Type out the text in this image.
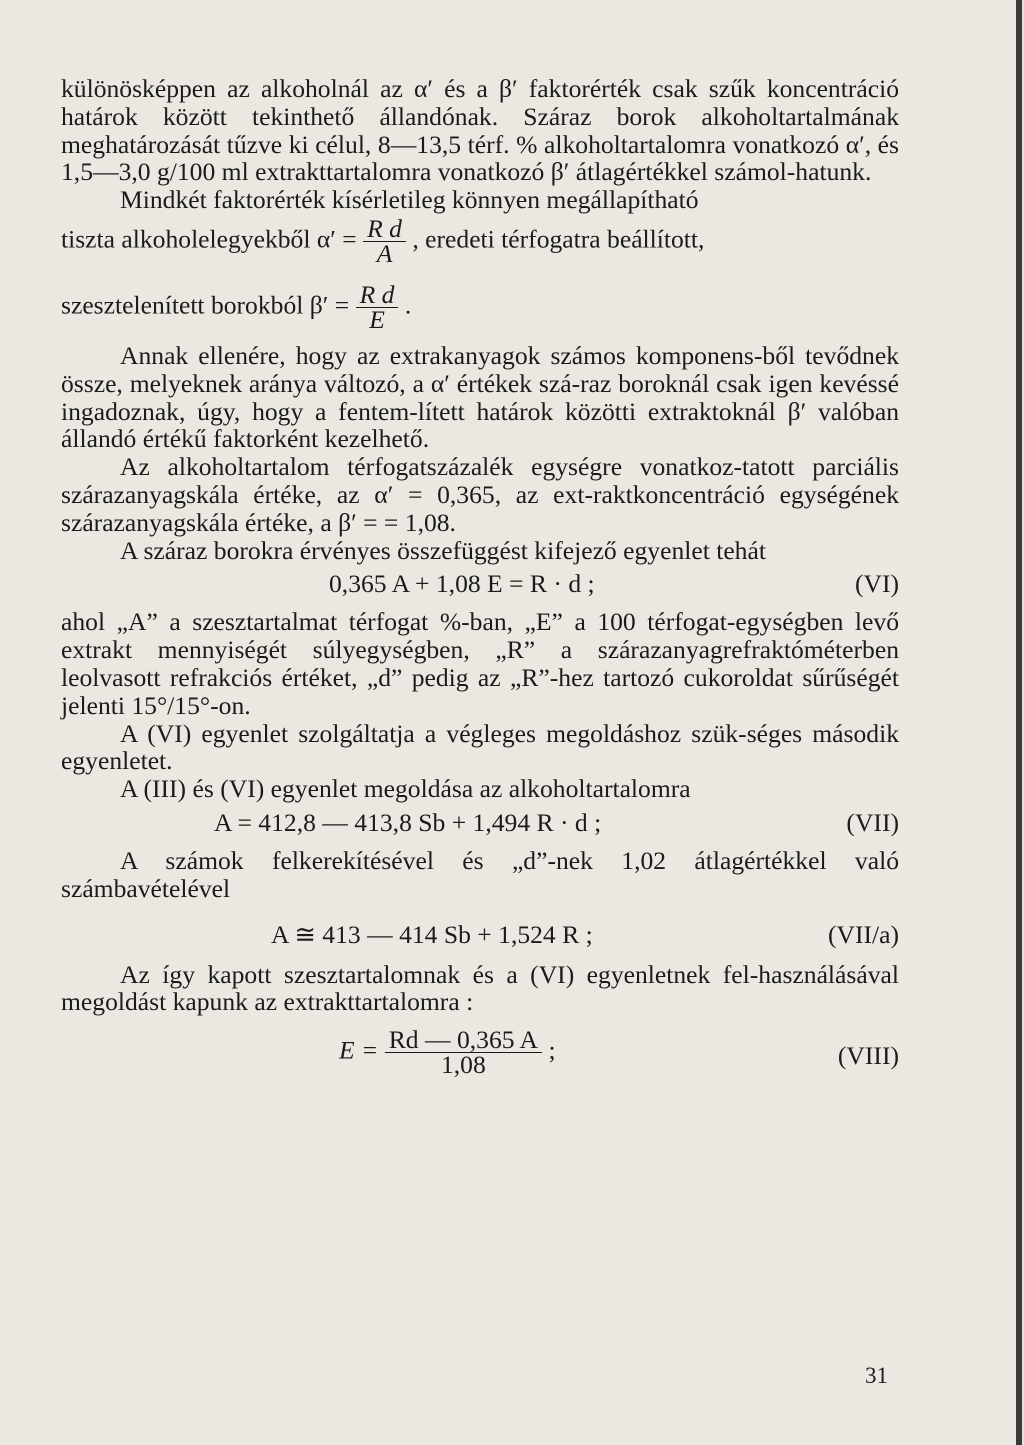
különösképpen az alkoholnál az α′ és a β′ faktorérték csak szűk koncentráció határok között tekinthető állandónak. Száraz borok alkoholtartalmának meghatározását tűzve ki célul, 8—13,5 térf. % alkoholtartalomra vonatkozó α′, és 1,5—3,0 g/100 ml extrakttartalomra vonatkozó β′ átlagértékkel számol-hatunk.

Mindkét faktorérték kísérletileg könnyen megállapítható

tiszta alkoholelegyekből $\alpha' = \frac{\text{R d}}{A}$ , eredeti térfogatra beállított,
szesztelenített borokból $\beta' = \frac{\text{R d}}{E}$ .

Annak ellenére, hogy az extrakanyagok számos komponens-ből tevődnek össze, melyeknek aránya változó, a α′ értékek szá-raz boroknál csak igen kevéssé ingadoznak, úgy, hogy a fentem-lített határok közötti extraktoknál β′ valóban állandó értékű faktorként kezelhető.

Az alkoholtartalom térfogatszázalék egységre vonatkoz-tatott parciális szárazanyagskála értéke, az α′ = 0,365, az ext-raktkoncentráció egységének szárazanyagskála értéke, a β′ = = 1,08.

A száraz borokra érvényes összefüggést kifejező egyenlet tehát

0,365 A + 1,08 E = R · d ;	(VI)

ahol „A” a szesztartalmat térfogat %-ban, „E” a 100 térfogat-egységben levő extrakt mennyiségét súlyegységben, „R” a szárazanyagrefraktóméterben leolvasott refrakciós értéket, „d” pedig az „R”-hez tartozó cukoroldat sűrűségét jelenti 15°/15°-on.

A (VI) egyenlet szolgáltatja a végleges megoldáshoz szük-séges második egyenletet.

A (III) és (VI) egyenlet megoldása az alkoholtartalomra

A = 412,8 — 413,8 Sb + 1,494 R · d ;	(VII)

A számok felkerekítésével és „d”-nek 1,02 átlagértékkel való számbavételével

A ≅ 413 — 414 Sb + 1,524 R ;	(VII/a)

Az így kapott szesztartalomnak és a (VI) egyenletnek fel-használásával megoldást kapunk az extrakttartalomra :

$E = \frac{Rd — 0,365 A}{1,08}$ ;	(VIII)
31
